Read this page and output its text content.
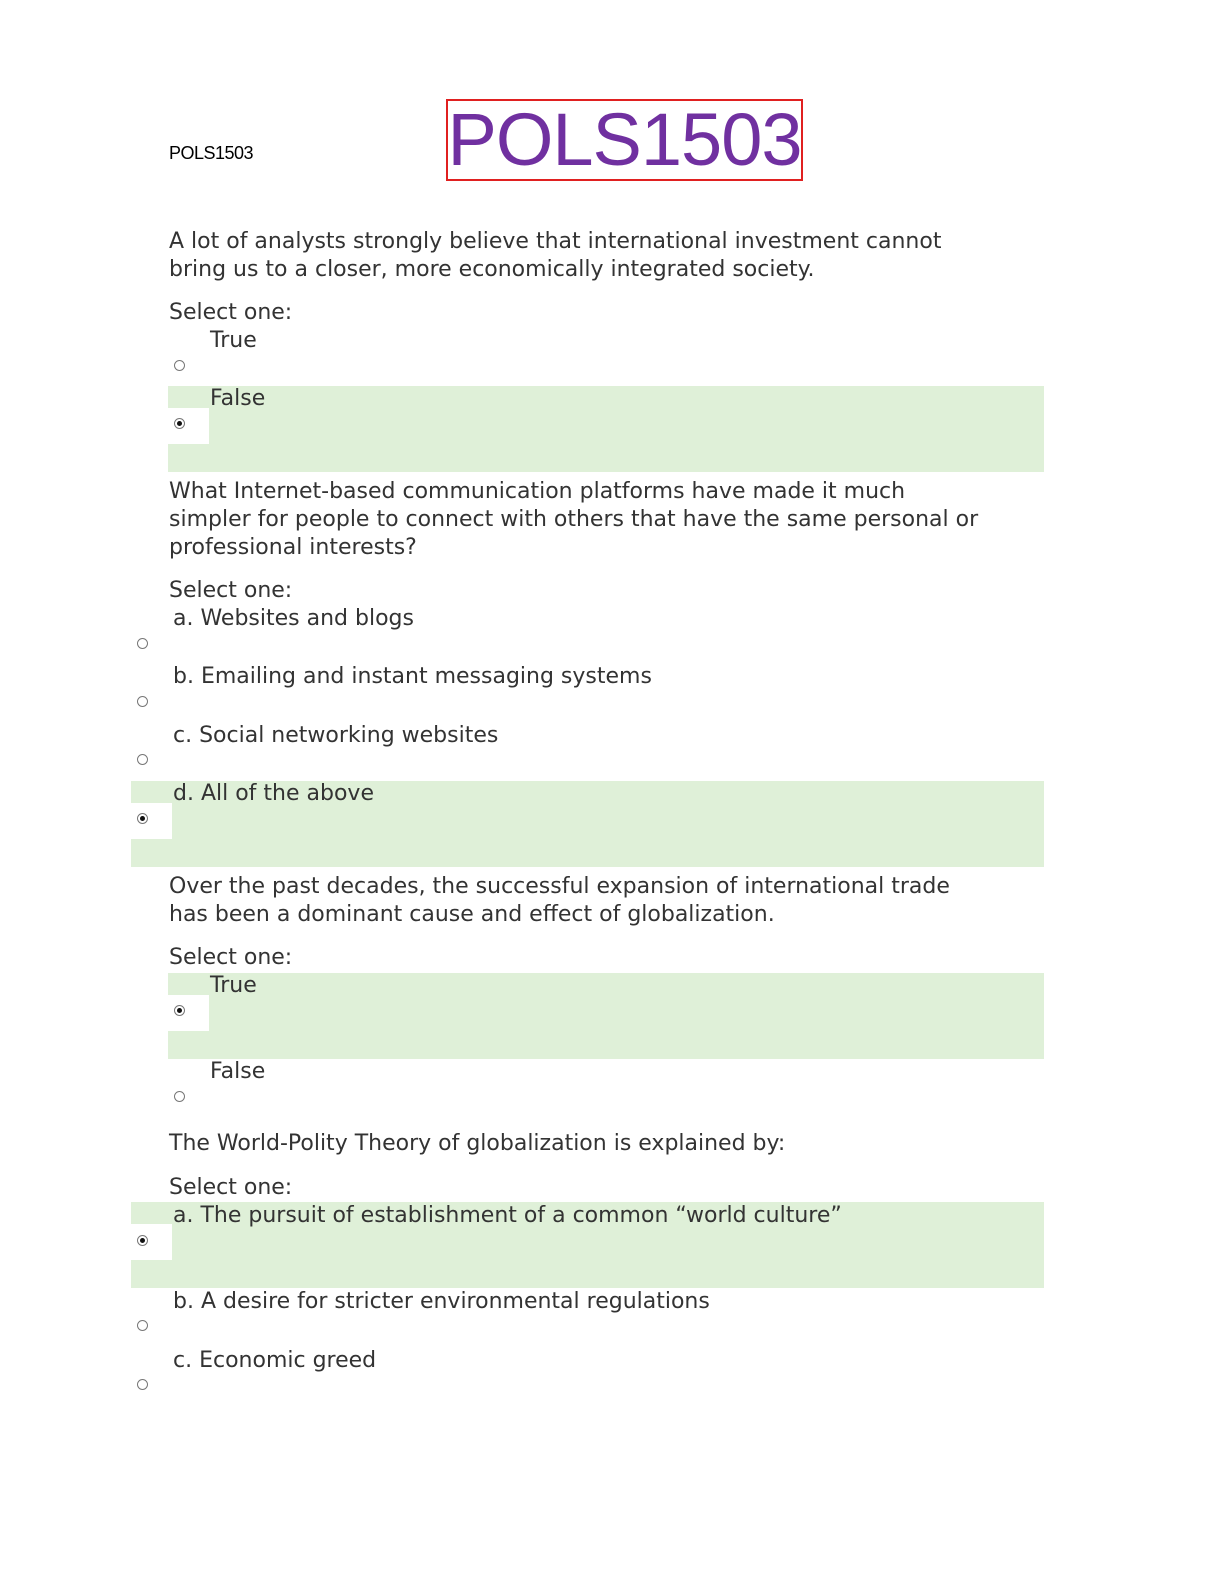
POLS1503	POLS1503
A lot of analysts strongly believe that international investment cannot
bring us to a closer, more economically integrated society.
Select one:
True
False
What Internet-based communication platforms have made it much
simpler for people to connect with others that have the same personal or
professional interests?
Select one:
a. Websites and blogs
b. Emailing and instant messaging systems
c. Social networking websites
d. All of the above
Over the past decades, the successful expansion of international trade
has been a dominant cause and effect of globalization.
Select one:
True
False
The World-Polity Theory of globalization is explained by:
Select one:
a. The pursuit of establishment of a common “world culture”
b. A desire for stricter environmental regulations
c. Economic greed
